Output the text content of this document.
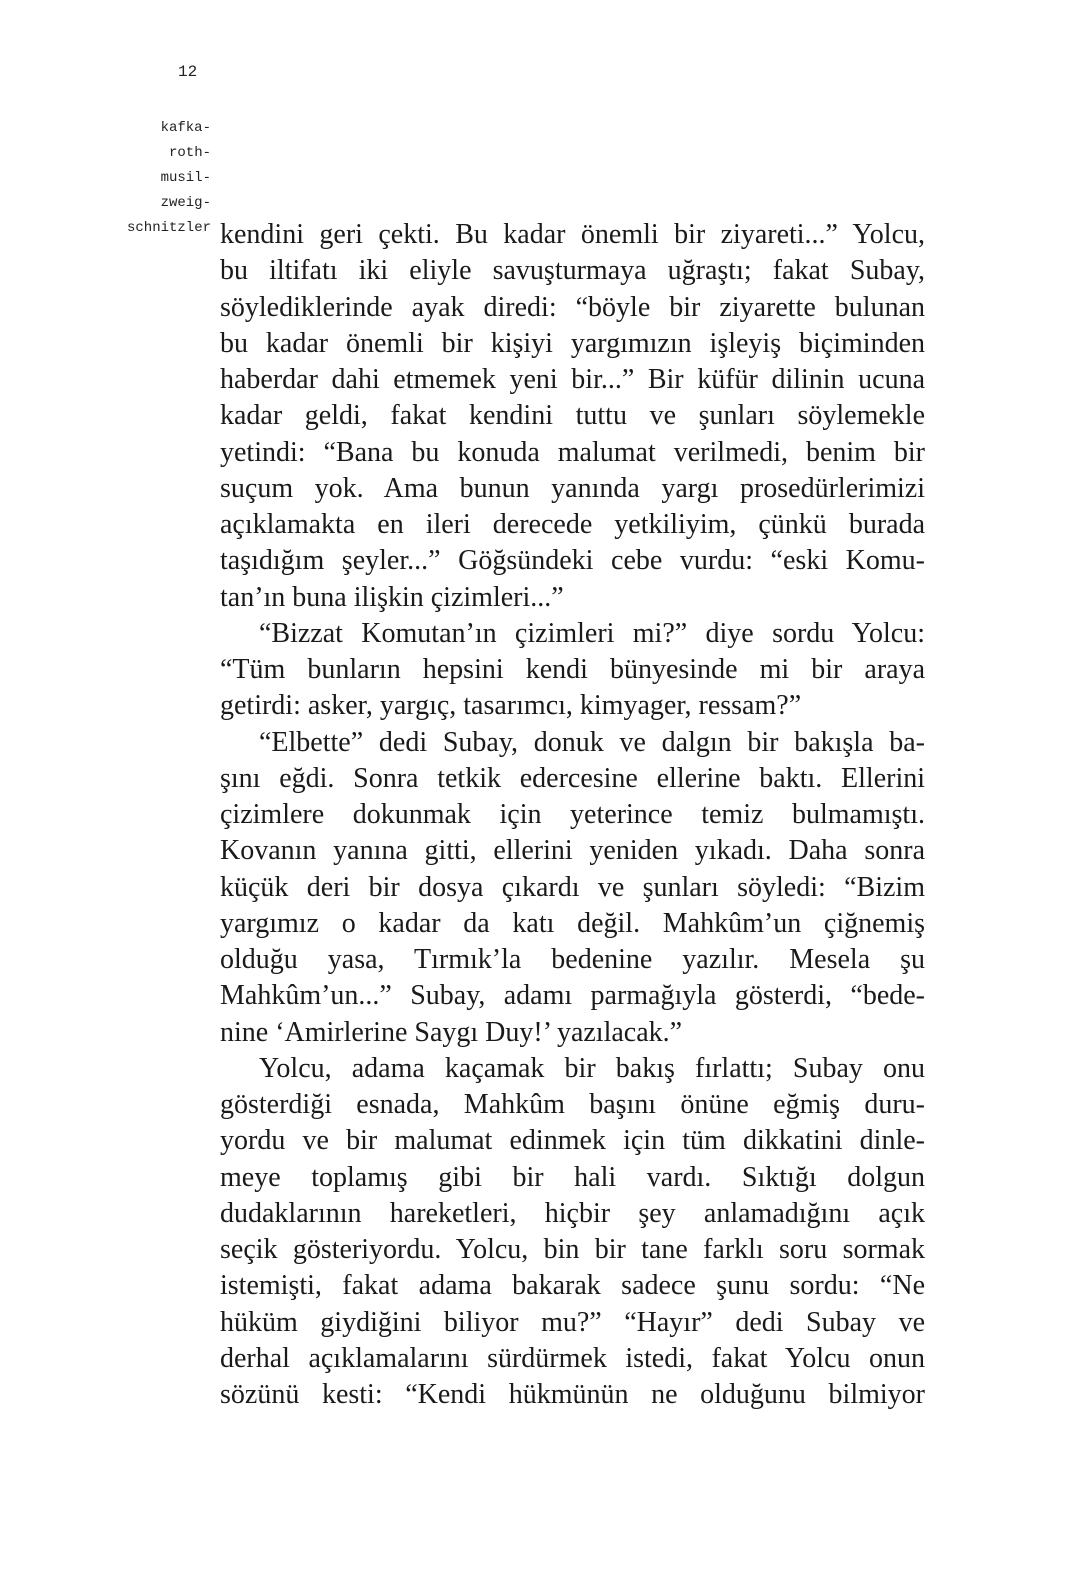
12
kafka-
roth-
musil-
zweig-
schnitzler kendini geri çekti. Bu kadar önemli bir ziyareti...” Yolcu,
bu iltifatı iki eliyle savuşturmaya uğraştı; fakat Subay,
söylediklerinde ayak diredi: “böyle bir ziyarette bulunan
bu kadar önemli bir kişiyi yargımızın işleyiş biçiminden
haberdar dahi etmemek yeni bir...” Bir küfür dilinin ucuna
kadar geldi, fakat kendini tuttu ve şunları söylemekle
yetindi: “Bana bu konuda malumat verilmedi, benim bir
suçum yok. Ama bunun yanında yargı prosedürlerimizi
açıklamakta en ileri derecede yetkiliyim, çünkü burada
taşıdığım şeyler...” Göğsündeki cebe vurdu: “eski Komu-
tan’ın buna ilişkin çizimleri...”
“Bizzat Komutan’ın çizimleri mi?” diye sordu Yolcu:
“Tüm bunların hepsini kendi bünyesinde mi bir araya
getirdi: asker, yargıç, tasarımcı, kimyager, ressam?”
“Elbette” dedi Subay, donuk ve dalgın bir bakışla ba-
şını eğdi. Sonra tetkik edercesine ellerine baktı. Ellerini
çizimlere dokunmak için yeterince temiz bulmamıştı.
Kovanın yanına gitti, ellerini yeniden yıkadı. Daha sonra
küçük deri bir dosya çıkardı ve şunları söyledi: “Bizim
yargımız o kadar da katı değil. Mahkûm’un çiğnemiş
olduğu yasa, Tırmık’la bedenine yazılır. Mesela şu
Mahkûm’un...” Subay, adamı parmağıyla gösterdi, “bede-
nine ‘Amirlerine Saygı Duy!’ yazılacak.”
Yolcu, adama kaçamak bir bakış fırlattı; Subay onu
gösterdiği esnada, Mahkûm başını önüne eğmiş duru-
yordu ve bir malumat edinmek için tüm dikkatini dinle-
meye toplamış gibi bir hali vardı. Sıktığı dolgun
dudaklarının hareketleri, hiçbir şey anlamadığını açık
seçik gösteriyordu. Yolcu, bin bir tane farklı soru sormak
istemişti, fakat adama bakarak sadece şunu sordu: “Ne
hüküm giydiğini biliyor mu?” “Hayır” dedi Subay ve
derhal açıklamalarını sürdürmek istedi, fakat Yolcu onun
sözünü kesti: “Kendi hükmünün ne olduğunu bilmiyor
